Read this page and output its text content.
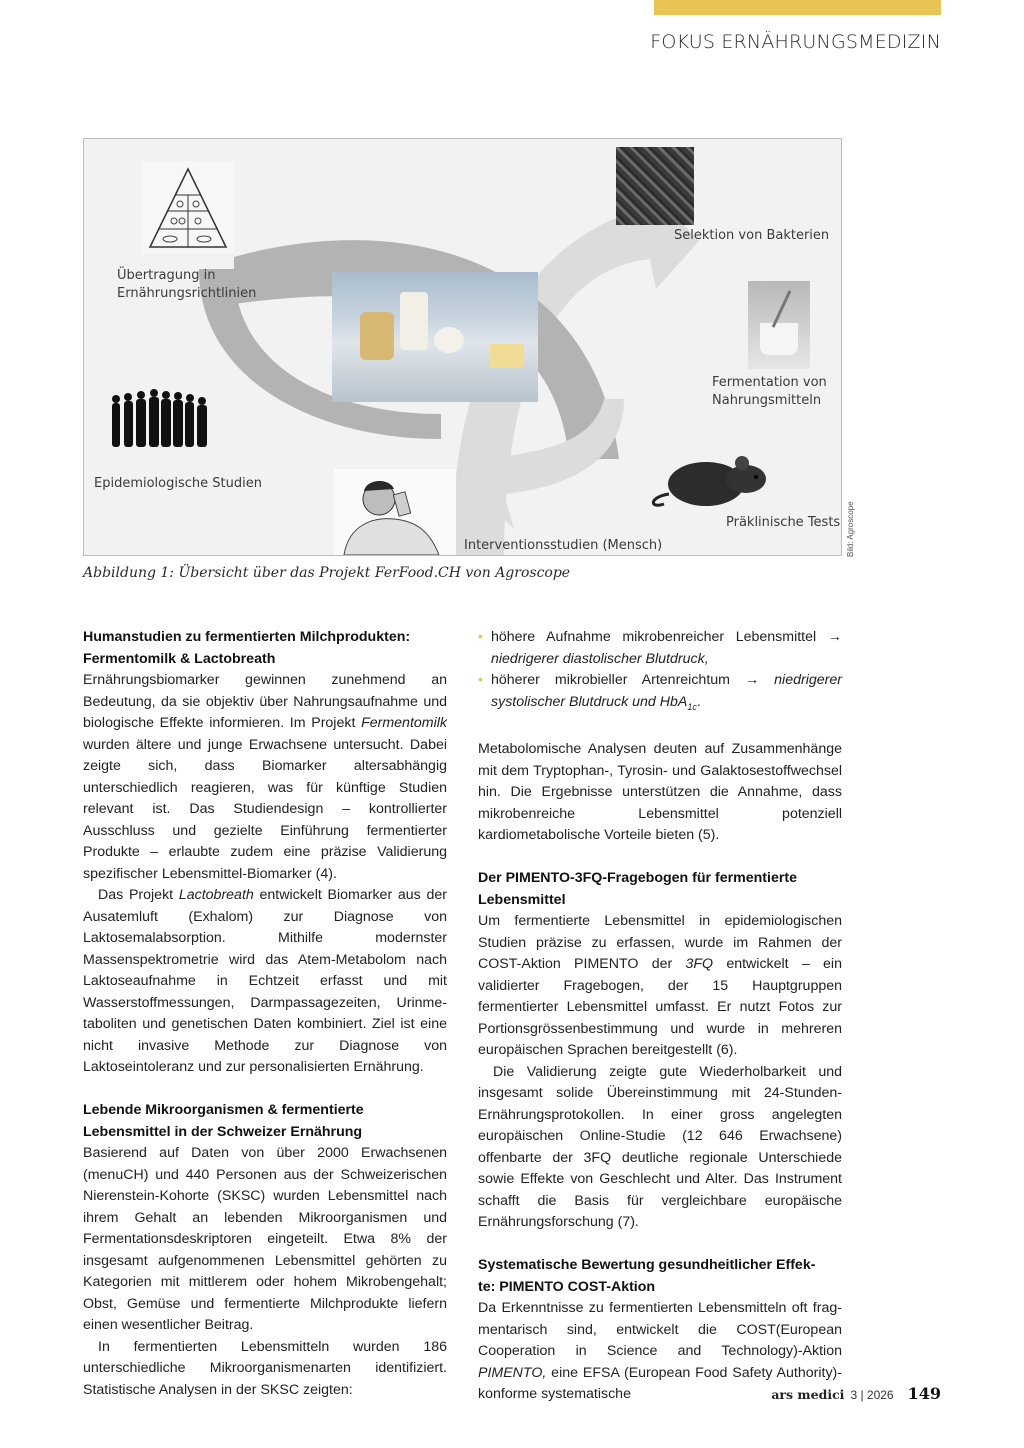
FOKUS ERNÄHRUNGSMEDIZIN
Übertragung in
Ernährungsrichtlinien
Selektion von Bakterien
Fermentation von
Nahrungsmitteln
Epidemiologische Studien
Präklinische Tests
Interventionsstudien (Mensch)	Bild: Agroscope
Abbildung 1: Übersicht über das Projekt FerFood.CH von Agroscope
Humanstudien zu fermentierten Milchprodukten:
Fermentomilk & Lactobreath

Ernährungsbiomarker gewinnen zunehmend an Bedeutung, da sie objektiv über Nahrungsaufnahme und biologische Effekte informieren. Im Projekt Fermentomilk wurden ältere und junge Erwachsene untersucht. Dabei zeigte sich, dass Biomarker altersabhängig unterschiedlich reagieren, was für künftige Studien relevant ist. Das Studiendesign – kontrollierter Ausschluss und gezielte Einführung fermentierter Produkte – erlaubte zudem eine präzise Validierung spezifischer Lebensmittel-Biomarker (4).

Das Projekt Lactobreath entwickelt Biomarker aus der Ausatemluft (Exhalom) zur Diagnose von Laktosemalabsorption. Mithilfe modernster Massenspektrometrie wird das Atem-Metabolom nach Laktoseaufnahme in Echtzeit erfasst und mit Wasserstoffmessungen, Darmpassagezeiten, Urinmetaboliten und genetischen Daten kombiniert. Ziel ist eine nicht invasive Methode zur Diagnose von Laktoseintoleranz und zur personalisierten Ernährung.

Lebende Mikroorganismen & fermentierte
Lebensmittel in der Schweizer Ernährung

Basierend auf Daten von über 2000 Erwachsenen (menuCH) und 440 Personen aus der Schweizerischen Nierenstein-Kohorte (SKSC) wurden Lebensmittel nach ihrem Gehalt an lebenden Mikroorganismen und Fermentationsdeskriptoren eingeteilt. Etwa 8% der insgesamt aufgenommenen Lebensmittel gehörten zu Kategorien mit mittlerem oder hohem Mikrobengehalt; Obst, Gemüse und fermentierte Milchprodukte liefern einen wesentlicher Beitrag.

In fermentierten Lebensmitteln wurden 186 unterschiedliche Mikroorganismenarten identifiziert. Statistische Analysen in der SKSC zeigten:

• höhere Aufnahme mikrobenreicher Lebensmittel → niedrigerer diastolischer Blutdruck,
• höherer mikrobieller Artenreichtum → niedrigerer systolischer Blutdruck und HbA$_{1c}$.

Metabolomische Analysen deuten auf Zusammenhänge mit dem Tryptophan-, Tyrosin- und Galaktosestoffwechsel hin. Die Ergebnisse unterstützen die Annahme, dass mikrobenreiche Lebensmittel potenziell kardiometabolische Vorteile bieten (5).

Der PIMENTO-3FQ-Fragebogen für fermentierte
Lebensmittel

Um fermentierte Lebensmittel in epidemiologischen Studien präzise zu erfassen, wurde im Rahmen der COST-Aktion PIMENTO der 3FQ entwickelt – ein validierter Fragebogen, der 15 Hauptgruppen fermentierter Lebensmittel umfasst. Er nutzt Fotos zur Portionsgrössenbestimmung und wurde in mehreren europäischen Sprachen bereitgestellt (6).

Die Validierung zeigte gute Wiederholbarkeit und insgesamt solide Übereinstimmung mit 24-Stunden-Ernährungsprotokollen. In einer gross angelegten europäischen Online-Studie (12 646 Erwachsene) offenbarte der 3FQ deutliche regionale Unterschiede sowie Effekte von Geschlecht und Alter. Das Instrument schafft die Basis für vergleichbare europäische Ernährungsforschung (7).

Systematische Bewertung gesundheitlicher Effek-
te: PIMENTO COST-Aktion

Da Erkenntnisse zu fermentierten Lebensmitteln oft fragmentarisch sind, entwickelt die COST(European Cooperation in Science and Technology)-Aktion PIMENTO, eine EFSA (European Food Safety Authority)-konforme systematische	ars medici 3 | 2026 149
